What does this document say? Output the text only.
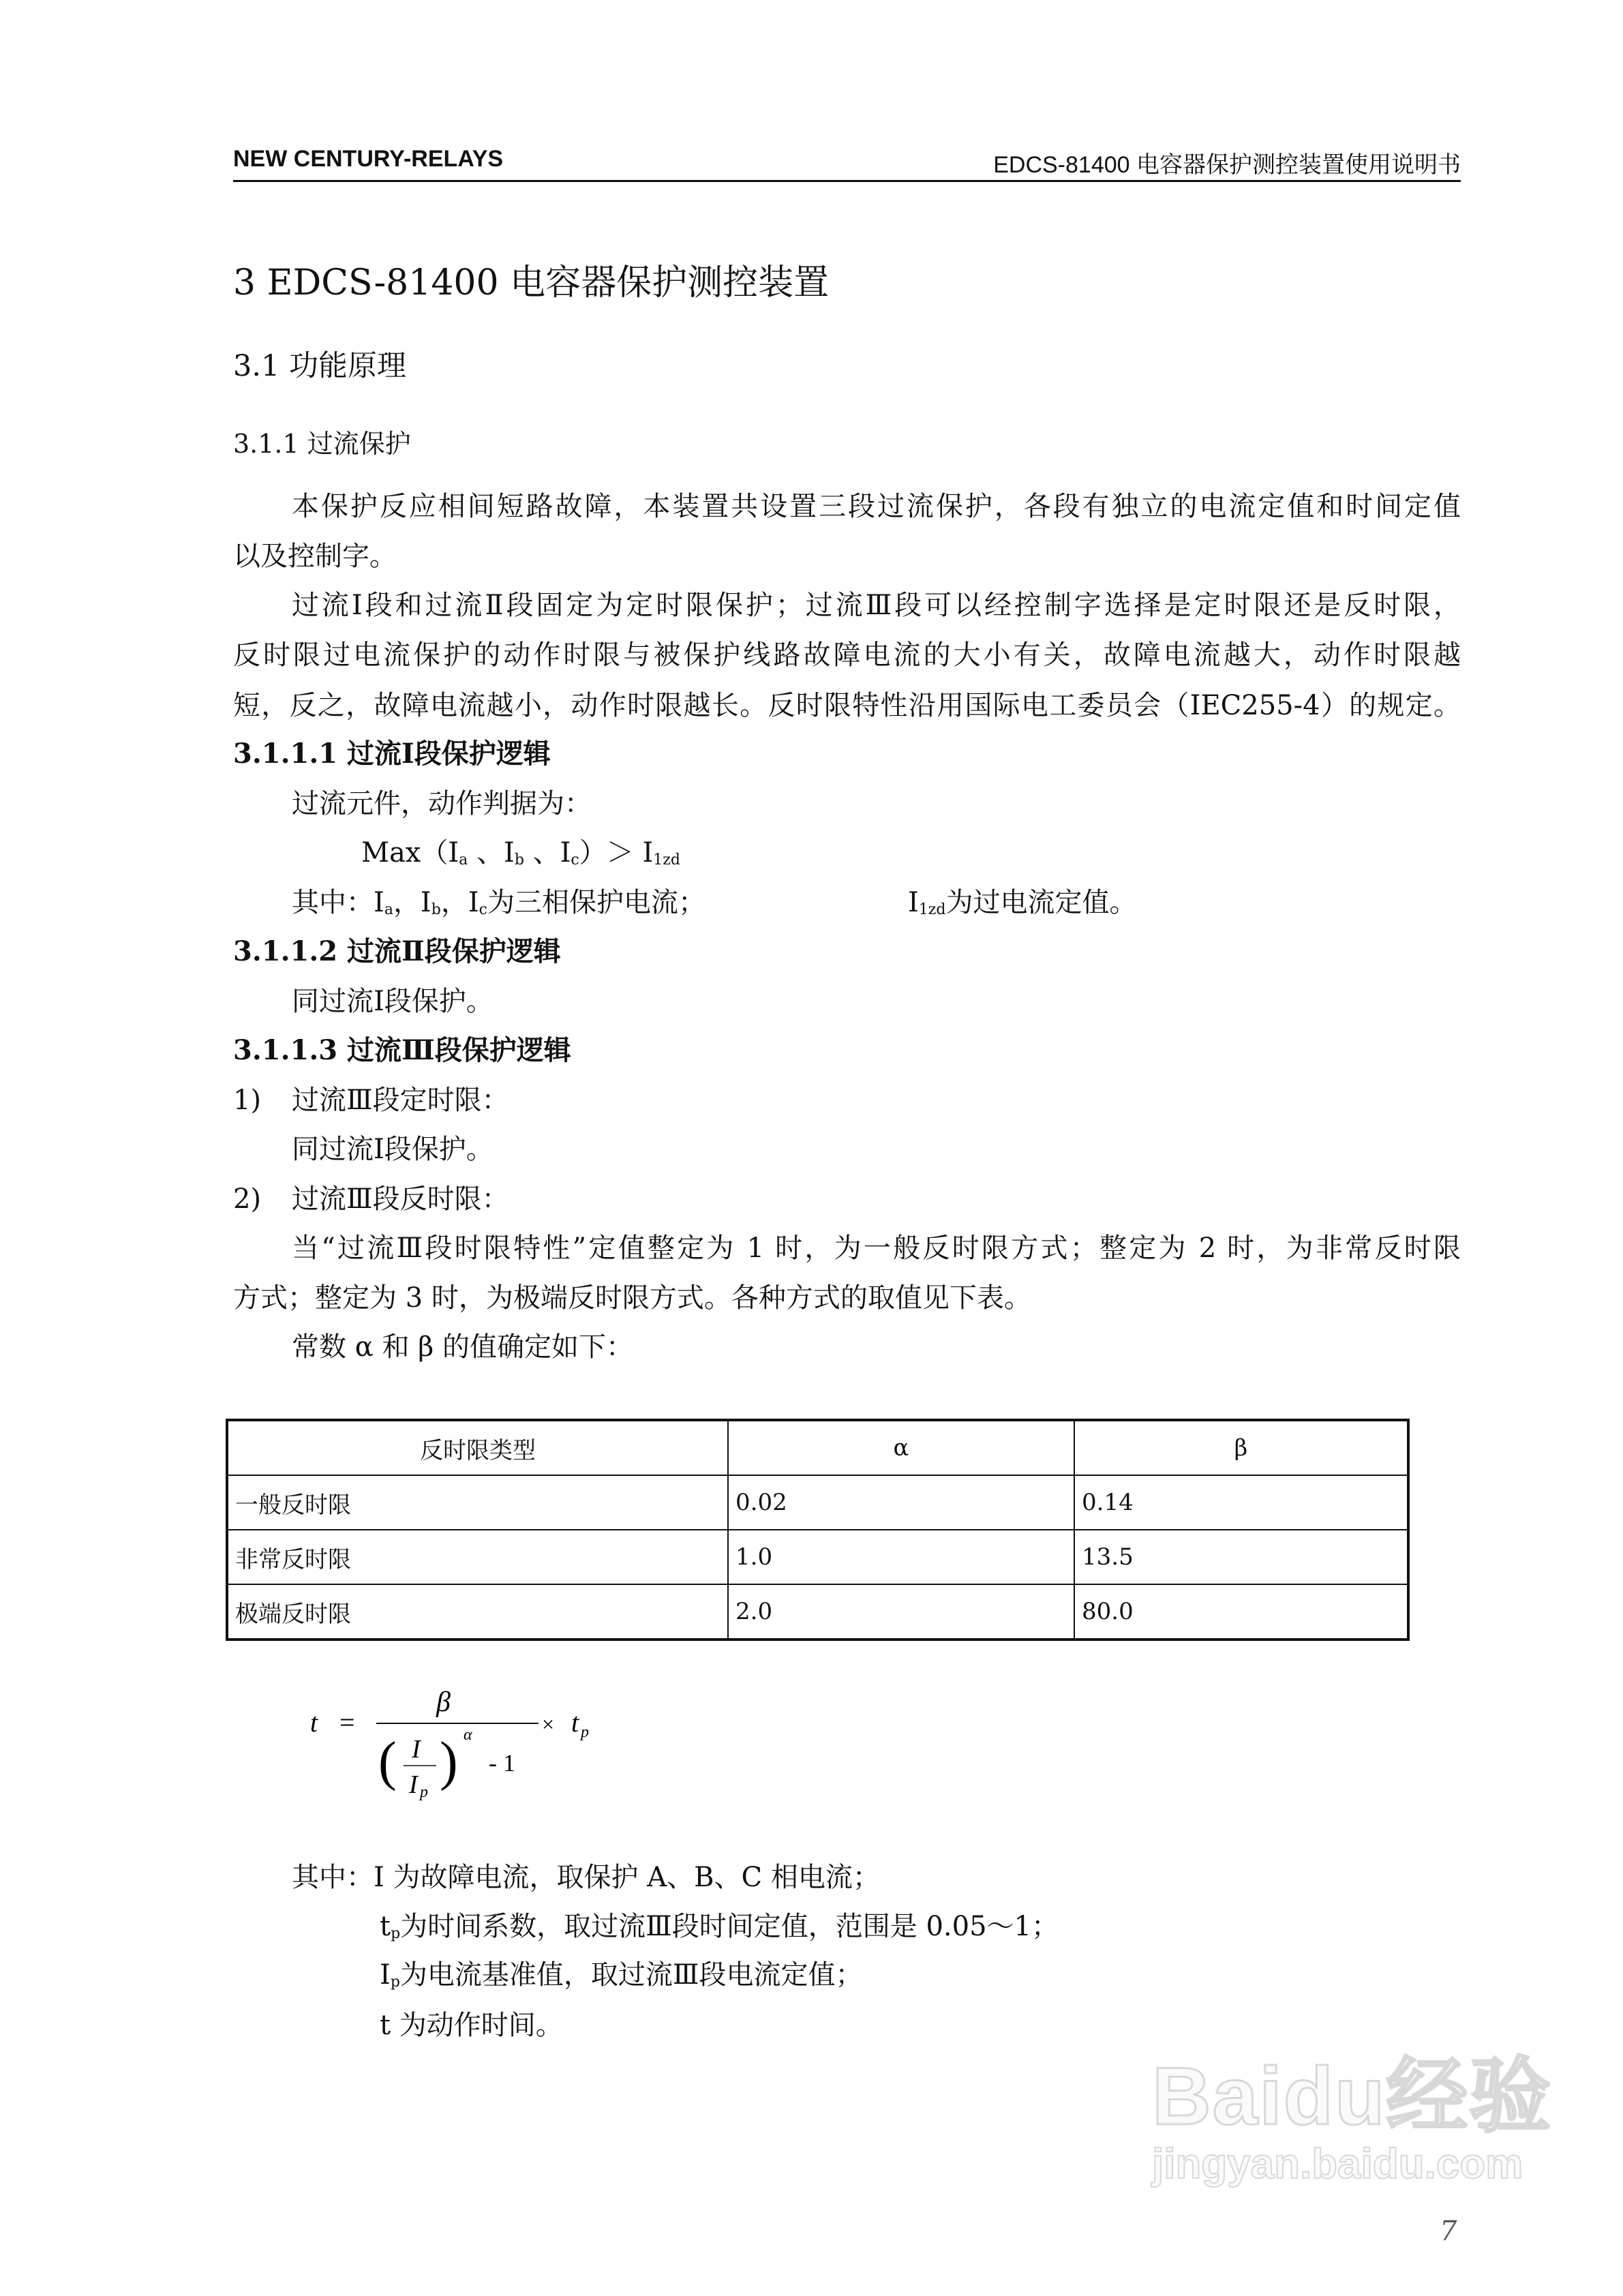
NEW CENTURY-RELAYS	EDCS-81400 电容器保护测控装置使用说明书
3 EDCS-81400 电容器保护测控装置
3.1 功能原理
3.1.1 过流保护
本保护反应相间短路故障，本装置共设置三段过流保护，各段有独立的电流定值和时间定值
以及控制字。
过流Ⅰ段和过流Ⅱ段固定为定时限保护；过流Ⅲ段可以经控制字选择是定时限还是反时限，
反时限过电流保护的动作时限与被保护线路故障电流的大小有关，故障电流越大，动作时限越
短，反之，故障电流越小，动作时限越长。反时限特性沿用国际电工委员会（IEC255-4）的规定。
3.1.1.1 过流Ⅰ段保护逻辑
过流元件，动作判据为：
$Max(I_a$ 、$I_b$ 、$I_c)> I_{1zd}$
其中：$I_a$，$I_b$，$I_c$为三相保护电流；	$I_{1zd}$为过电流定值。
3.1.1.2 过流Ⅱ段保护逻辑
同过流Ⅰ段保护。
3.1.1.3 过流Ⅲ段保护逻辑
1) 过流Ⅲ段定时限：
同过流Ⅰ段保护。
2) 过流Ⅲ段反时限：
当“过流Ⅲ段时限特性”定值整定为 1 时，为一般反时限方式；整定为 2 时，为非常反时限
方式；整定为 3 时，为极端反时限方式。各种方式的取值见下表。
常数 α 和 β 的值确定如下：
反时限类型	α	β
一般反时限	0.02	0.14
非常反时限	1.0	13.5
极端反时限	2.0	80.0
t =
β
( I
I p
) α
- 1
× t p
其中：I 为故障电流，取保护 A、B、C 相电流；
$t_p$为时间系数，取过流Ⅲ段时间定值，范围是 0.05～1；
$I_p$为电流基准值，取过流Ⅲ段电流定值；
t 为动作时间。
Baidu经验
jingyan.baidu.com
7
